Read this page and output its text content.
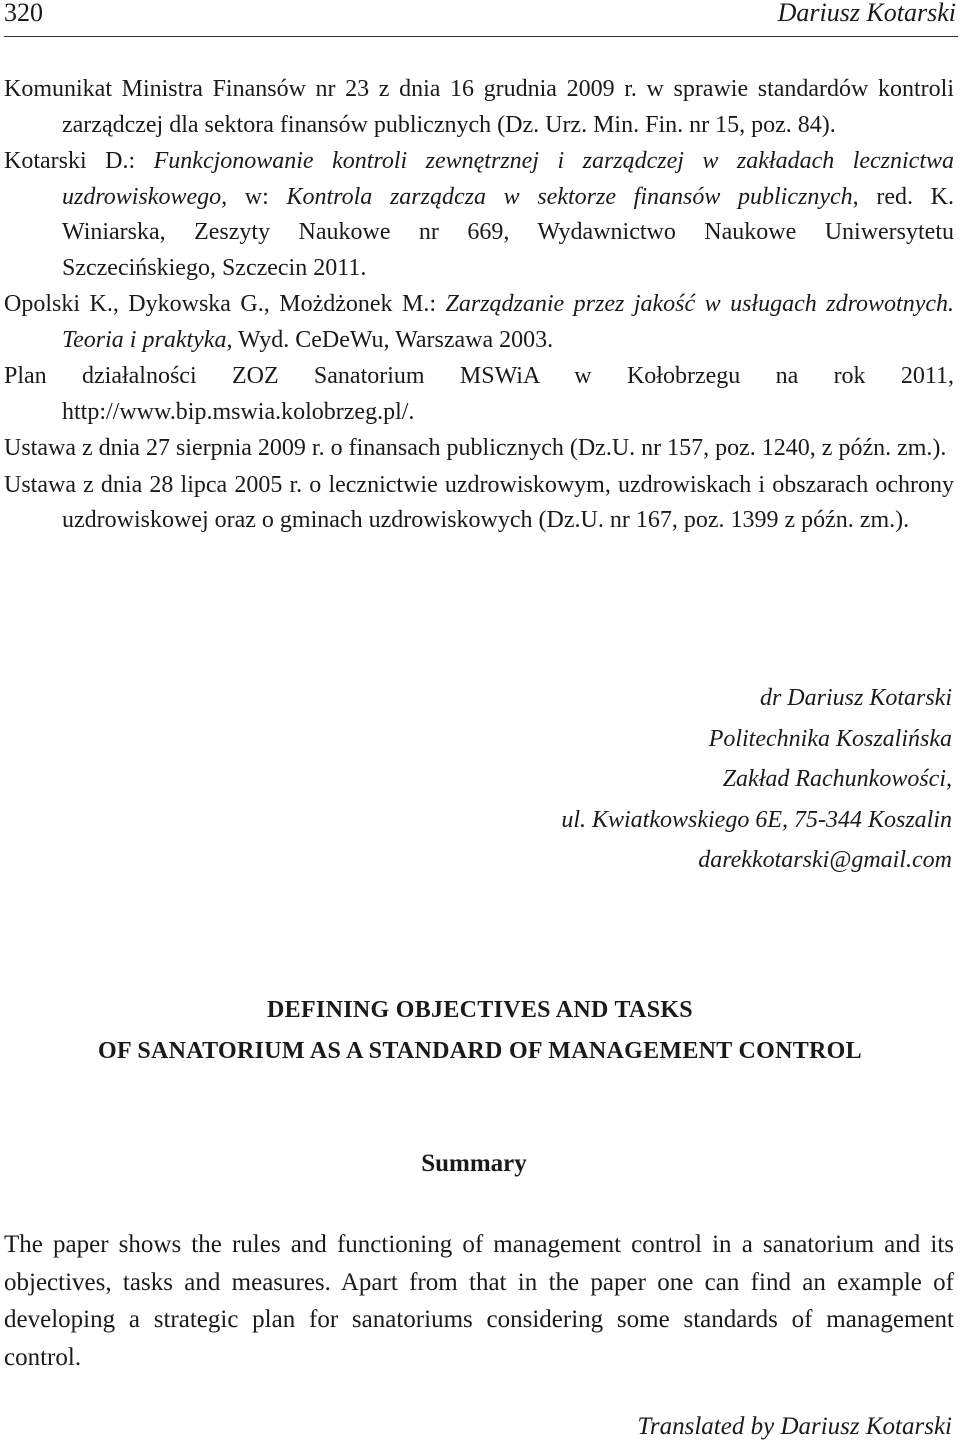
320	Dariusz Kotarski

Komunikat Ministra Finansów nr 23 z dnia 16 grudnia 2009 r. w sprawie standardów kontroli zarządczej dla sektora finansów publicznych (Dz. Urz. Min. Fin. nr 15, poz. 84).

Kotarski D.: Funkcjonowanie kontroli zewnętrznej i zarządczej w zakładach lecznictwa uzdrowiskowego, w: Kontrola zarządcza w sektorze finansów publicznych, red. K. Winiarska, Zeszyty Naukowe nr 669, Wydawnictwo Naukowe Uniwersytetu Szczecińskiego, Szczecin 2011.

Opolski K., Dykowska G., Możdżonek M.: Zarządzanie przez jakość w usługach zdrowotnych. Teoria i praktyka, Wyd. CeDeWu, Warszawa 2003.

Plan działalności ZOZ Sanatorium MSWiA w Kołobrzegu na rok 2011, http://www.bip.mswia.kolobrzeg.pl/.

Ustawa z dnia 27 sierpnia 2009 r. o finansach publicznych (Dz.U. nr 157, poz. 1240, z późn. zm.).

Ustawa z dnia 28 lipca 2005 r. o lecznictwie uzdrowiskowym, uzdrowiskach i obszarach ochrony uzdrowiskowej oraz o gminach uzdrowiskowych (Dz.U. nr 167, poz. 1399 z późn. zm.).

dr Dariusz Kotarski
Politechnika Koszalińska
Zakład Rachunkowości,
ul. Kwiatkowskiego 6E, 75-344 Koszalin
darekkotarski@gmail.com
DEFINING OBJECTIVES AND TASKS
OF SANATORIUM AS A STANDARD OF MANAGEMENT CONTROL
Summary

The paper shows the rules and functioning of management control in a sanatorium and its objectives, tasks and measures. Apart from that in the paper one can find an example of developing a strategic plan for sanatoriums considering some standards of management control.

Translated by Dariusz Kotarski
